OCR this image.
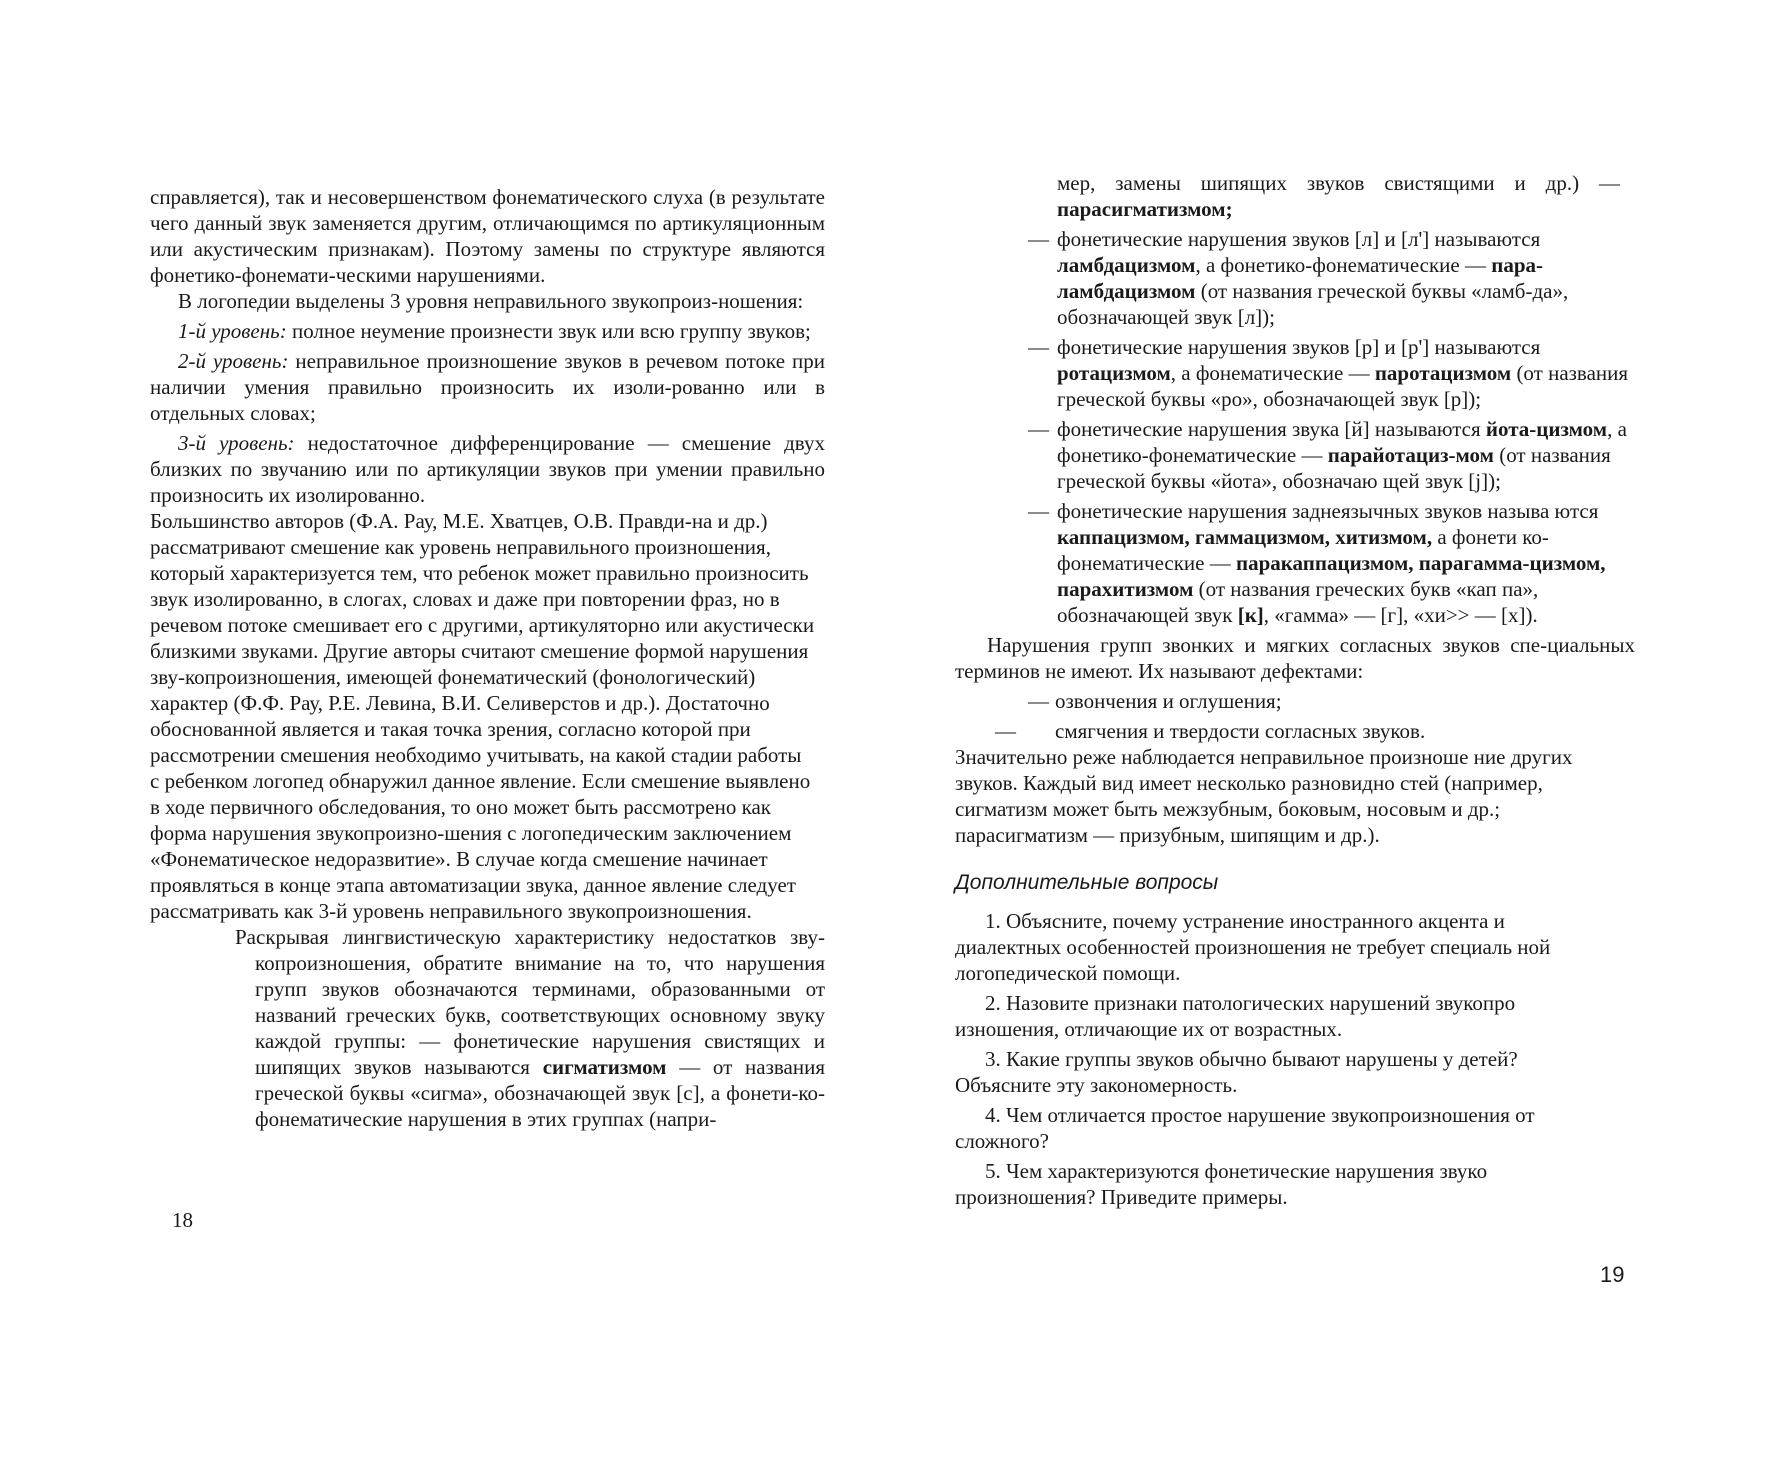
справляется), так и несовершенством фонематического слуха (в результате чего данный звук заменяется другим, отличающимся по артикуляционным или акустическим признакам). Поэтому замены по структуре являются фонетико-фонемати-ческими нарушениями.

В логопедии выделены 3 уровня неправильного звукопроиз-ношения:

1-й уровень: полное неумение произнести звук или всю группу звуков;

2-й уровень: неправильное произношение звуков в речевом потоке при наличии умения правильно произносить их изоли-рованно или в отдельных словах;

3-й уровень: недостаточное дифференцирование — смешение двух близких по звучанию или по артикуляции звуков при умении правильно произносить их изолированно.

Большинство авторов (Ф.А. Рау, М.Е. Хватцев, О.В. Правди-на и др.) рассматривают смешение как уровень неправильного произношения, который характеризуется тем, что ребенок может правильно произносить звук изолированно, в слогах, словах и даже при повторении фраз, но в речевом потоке смешивает его с другими, артикуляторно или акустически близкими звуками. Другие авторы считают смешение формой нарушения зву-копроизношения, имеющей фонематический (фонологический) характер (Ф.Ф. Рау, Р.Е. Левина, В.И. Селиверстов и др.). Достаточно обоснованной является и такая точка зрения, согласно которой при рассмотрении смешения необходимо учитывать, на какой стадии работы с ребенком логопед обнаружил данное явление. Если смешение выявлено в ходе первичного обследования, то оно может быть рассмотрено как форма нарушения звукопроизно-шения с логопедическим заключением «Фонематическое недоразвитие». В случае когда смешение начинает проявляться в конце этапа автоматизации звука, данное явление следует рассматривать как 3-й уровень неправильного звукопроизношения.

Раскрывая лингвистическую характеристику недостатков зву-копроизношения, обратите внимание на то, что нарушения групп звуков обозначаются терминами, образованными от названий греческих букв, соответствующих основному звуку каждой группы: — фонетические нарушения свистящих и шипящих звуков называются сигматизмом — от названия греческой буквы «сигма», обозначающей звук [с], а фонети-ко-фонематические нарушения в этих группах (напри-

18

мер, замены шипящих звуков свистящими и др.) — парасигматизмом;

— фонетические нарушения звуков [л] и [л'] называются ламбдацизмом, а фонетико-фонематические — пара-ламбдацизмом (от названия греческой буквы «ламб-да», обозначающей звук [л]);
— фонетические нарушения звуков [р] и [р'] называются ротацизмом, а фонематические — паротацизмом (от названия греческой буквы «ро», обозначающей звук [р]);
— фонетические нарушения звука [й] называются йота-цизмом, а фонетико-фонематические — парайотациз-мом (от названия греческой буквы «йота», обозначаю щей звук [j]);
— фонетические нарушения заднеязычных звуков называ ются каппацизмом, гаммацизмом, хитизмом, а фонети ко-фонематические — паракаппацизмом, парагамма-цизмом, парахитизмом (от названия греческих букв «кап па», обозначающей звук [к], «гамма» — [г], «хи>> — [х]).

Нарушения групп звонких и мягких согласных звуков спе-циальных терминов не имеют. Их называют дефектами:

— озвончения и оглушения;
— смягчения и твердости согласных звуков.

Значительно реже наблюдается неправильное произноше ние других звуков. Каждый вид имеет несколько разновидно стей (например, сигматизм может быть межзубным, боковым, носовым и др.; парасигматизм — призубным, шипящим и др.).

Дополнительные вопросы

1. Объясните, почему устранение иностранного акцента и диалектных особенностей произношения не требует специаль ной логопедической помощи.

2. Назовите признаки патологических нарушений звукопро изношения, отличающие их от возрастных.

3. Какие группы звуков обычно бывают нарушены у детей? Объясните эту закономерность.

4. Чем отличается простое нарушение звукопроизношения от сложного?

5. Чем характеризуются фонетические нарушения звуко произношения? Приведите примеры.

19
